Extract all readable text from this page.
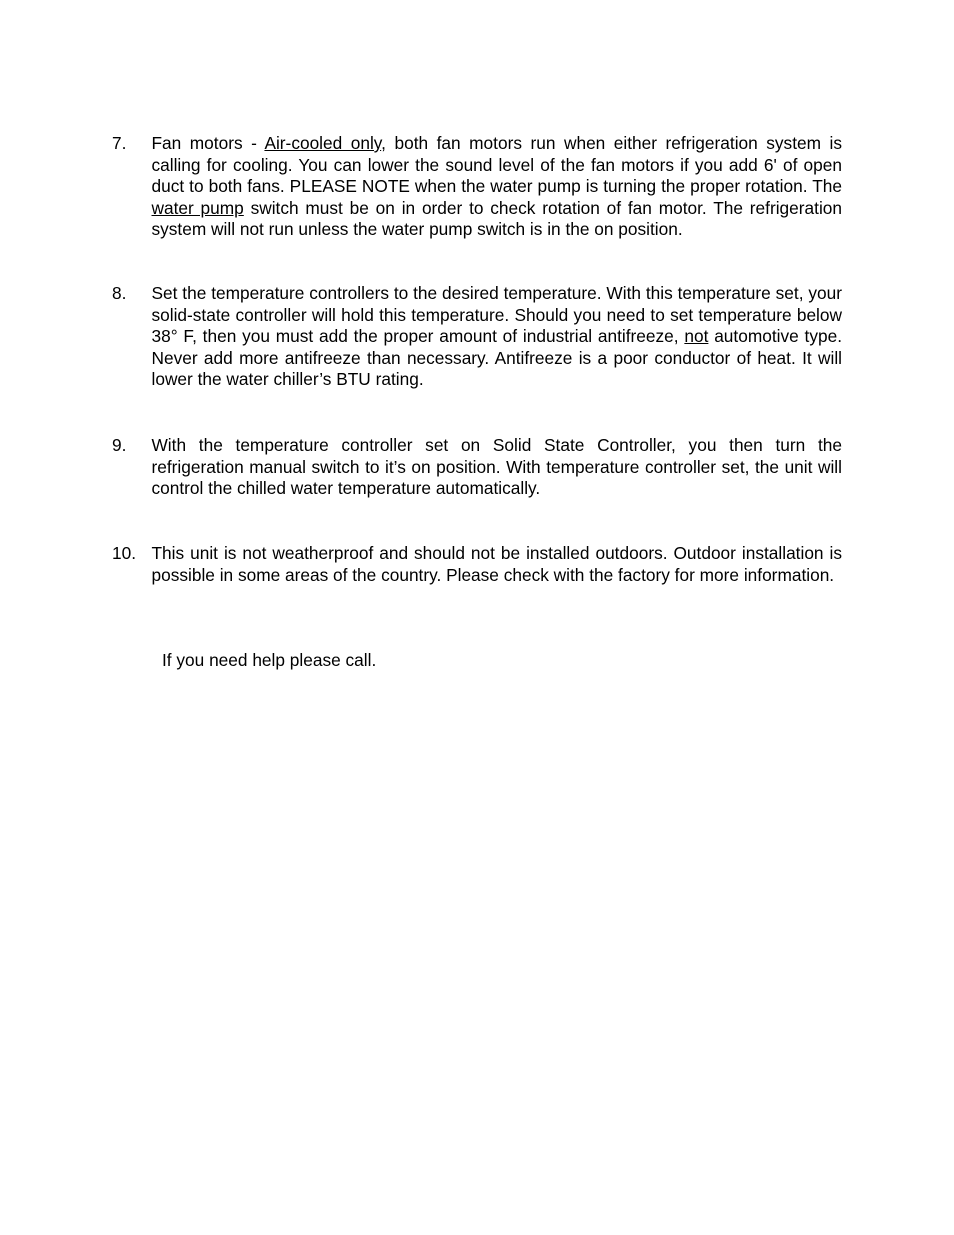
7.	Fan motors - Air-cooled only, both fan motors run when either refrigeration system is calling for cooling. You can lower the sound level of the fan motors if you add 6' of open duct to both fans. PLEASE NOTE when the water pump is turning the proper rotation. The water pump switch must be on in order to check rotation of fan motor. The refrigeration system will not run unless the water pump switch is in the on position.
8.	Set the temperature controllers to the desired temperature. With this temperature set, your solid-state controller will hold this temperature. Should you need to set temperature below 38° F, then you must add the proper amount of industrial antifreeze, not automotive type. Never add more antifreeze than necessary. Antifreeze is a poor conductor of heat. It will lower the water chiller’s BTU rating.
9.	With the temperature controller set on Solid State Controller, you then turn the refrigeration manual switch to it’s on position. With temperature controller set, the unit will control the chilled water temperature automatically.
10. This unit is not weatherproof and should not be installed outdoors. Outdoor installation is possible in some areas of the country. Please check with the factory for more information.
If you need help please call.
